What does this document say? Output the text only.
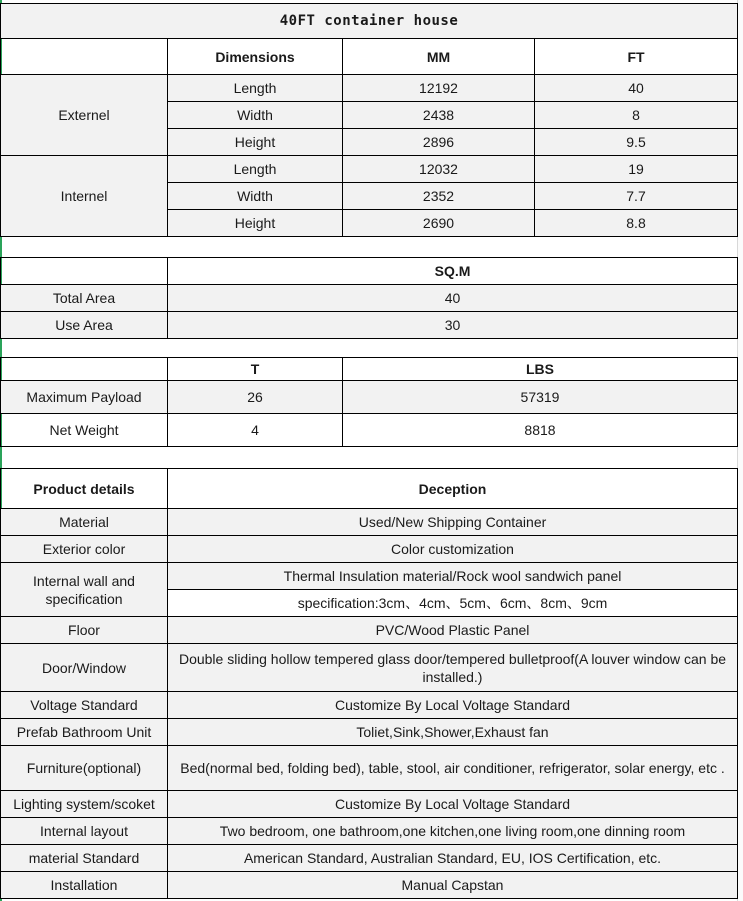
40FT container house
	Dimensions	MM	FT
Externel	Length	12192	40
	Width	2438	8
	Height	2896	9.5
Internel	Length	12032	19
	Width	2352	7.7
	Height	2690	8.8
	SQ.M
Total Area	40
Use Area	30
	T	LBS
Maximum Payload	26	57319
Net Weight	4	8818
Product details	Deception
Material	Used/New Shipping Container
Exterior color	Color customization
Internal wall and specification	Thermal Insulation material/Rock wool sandwich panel
	specification:3cm、4cm、5cm、6cm、8cm、9cm
Floor	PVC/Wood Plastic Panel
Door/Window	Double sliding hollow tempered glass door/tempered bulletproof(A louver window can be installed.)
Voltage Standard	Customize By Local Voltage Standard
Prefab Bathroom Unit	Toliet,Sink,Shower,Exhaust fan
Furniture(optional)	Bed(normal bed, folding bed), table, stool, air conditioner, refrigerator, solar energy, etc .
Lighting system/scoket	Customize By Local Voltage Standard
Internal layout	Two bedroom, one bathroom,one kitchen,one living room,one dinning room
material Standard	American Standard, Australian Standard, EU, IOS Certification, etc.
Installation	Manual Capstan
